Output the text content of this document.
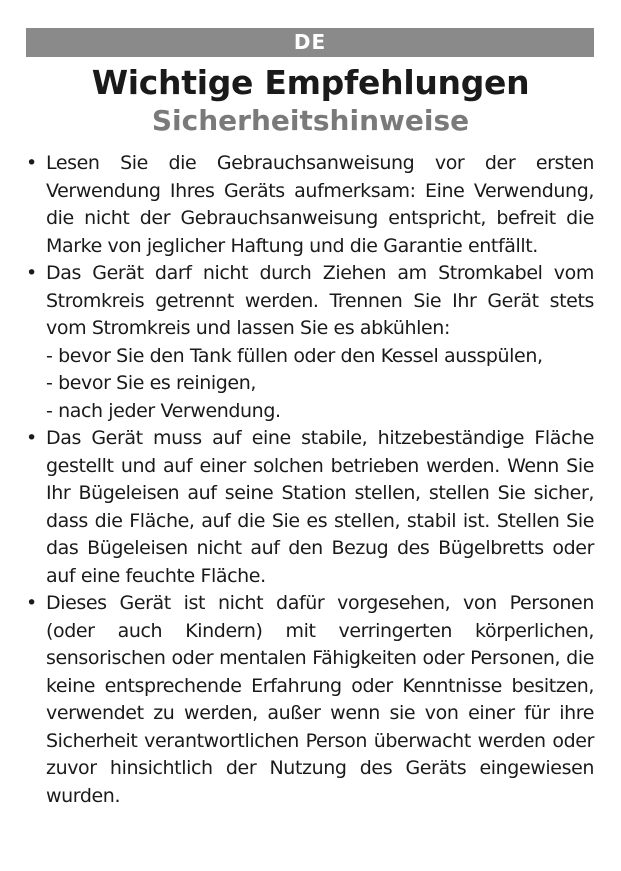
DE
Wichtige Empfehlungen
Sicherheitshinweise
• Lesen Sie die Gebrauchsanweisung vor der ersten Verwendung Ihres Geräts aufmerksam: Eine Verwendung, die nicht der Gebrauchsanweisung entspricht, befreit die Marke von jeglicher Haftung und die Garantie entfällt.
• Das Gerät darf nicht durch Ziehen am Stromkabel vom Stromkreis getrennt werden. Trennen Sie Ihr Gerät stets vom Stromkreis und lassen Sie es abkühlen:
- bevor Sie den Tank füllen oder den Kessel ausspülen,
- bevor Sie es reinigen,
- nach jeder Verwendung.
• Das Gerät muss auf eine stabile, hitzebeständige Fläche gestellt und auf einer solchen betrieben werden. Wenn Sie Ihr Bügeleisen auf seine Station stellen, stellen Sie sicher, dass die Fläche, auf die Sie es stellen, stabil ist. Stellen Sie das Bügeleisen nicht auf den Bezug des Bügelbretts oder auf eine feuchte Fläche.
• Dieses Gerät ist nicht dafür vorgesehen, von Personen (oder auch Kindern) mit verringerten körperlichen, sensorischen oder mentalen Fähigkeiten oder Personen, die keine entsprechende Erfahrung oder Kenntnisse besitzen, verwendet zu werden, außer wenn sie von einer für ihre Sicherheit verantwortlichen Person überwacht werden oder zuvor hinsichtlich der Nutzung des Geräts eingewiesen wurden.
